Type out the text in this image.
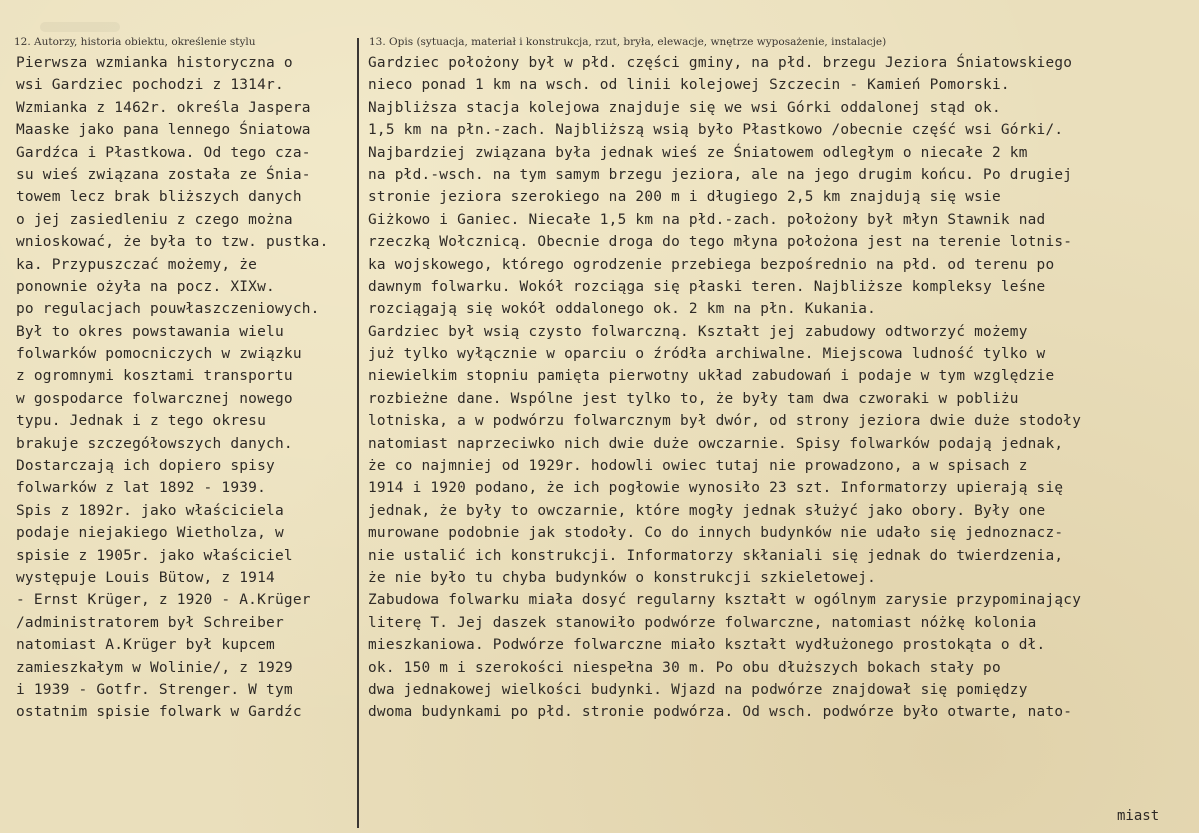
12. Autorzy, historia obiektu, określenie stylu	13. Opis (sytuacja, materiał i konstrukcja, rzut, bryła, elewacje, wnętrze wyposażenie, instalacje)
Pierwsza wzmianka historyczna o
wsi Gardziec pochodzi z 1314r.
Wzmianka z 1462r. określa Jaspera
Maaske jako pana lennego Śniatowa
Gardźca i Płastkowa. Od tego cza-
su wieś związana została ze Śnia-
towem lecz brak bliższych danych
o jej zasiedleniu z czego można
wnioskować, że była to tzw. pustka.
ka. Przypuszczać możemy, że
ponownie ożyła na pocz. XIXw.
po regulacjach pouwłaszczeniowych.
Był to okres powstawania wielu
folwarków pomocniczych w związku
z ogromnymi kosztami transportu
w gospodarce folwarcznej nowego
typu. Jednak i z tego okresu
brakuje szczegółowszych danych.
Dostarczają ich dopiero spisy
folwarków z lat 1892 - 1939.
Spis z 1892r. jako właściciela
podaje niejakiego Wietholza, w
spisie z 1905r. jako właściciel
występuje Louis Bütow, z 1914
- Ernst Krüger, z 1920 - A.Krüger
/administratorem był Schreiber
natomiast A.Krüger był kupcem
zamieszkałym w Wolinie/, z 1929
i 1939 - Gotfr. Strenger. W tym
ostatnim spisie folwark w Gardźc
Gardziec położony był w płd. części gminy, na płd. brzegu Jeziora Śniatowskiego
nieco ponad 1 km na wsch. od linii kolejowej Szczecin - Kamień Pomorski.
Najbliższa stacja kolejowa znajduje się we wsi Górki oddalonej stąd ok.
1,5 km na płn.-zach. Najbliższą wsią było Płastkowo /obecnie część wsi Górki/.
Najbardziej związana była jednak wieś ze Śniatowem odległym o niecałe 2 km
na płd.-wsch. na tym samym brzegu jeziora, ale na jego drugim końcu. Po drugiej
stronie jeziora szerokiego na 200 m i długiego 2,5 km znajdują się wsie
Giżkowo i Ganiec. Niecałe 1,5 km na płd.-zach. położony był młyn Stawnik nad
rzeczką Wołcznicą. Obecnie droga do tego młyna położona jest na terenie lotnis-
ka wojskowego, którego ogrodzenie przebiega bezpośrednio na płd. od terenu po
dawnym folwarku. Wokół rozciąga się płaski teren. Najbliższe kompleksy leśne
rozciągają się wokół oddalonego ok. 2 km na płn. Kukania.
Gardziec był wsią czysto folwarczną. Kształt jej zabudowy odtworzyć możemy
już tylko wyłącznie w oparciu o źródła archiwalne. Miejscowa ludność tylko w
niewielkim stopniu pamięta pierwotny układ zabudowań i podaje w tym względzie
rozbieżne dane. Wspólne jest tylko to, że były tam dwa czworaki w pobliżu
lotniska, a w podwórzu folwarcznym był dwór, od strony jeziora dwie duże stodoły
natomiast naprzeciwko nich dwie duże owczarnie. Spisy folwarków podają jednak,
że co najmniej od 1929r. hodowli owiec tutaj nie prowadzono, a w spisach z
1914 i 1920 podano, że ich pogłowie wynosiło 23 szt. Informatorzy upierają się
jednak, że były to owczarnie, które mogły jednak służyć jako obory. Były one
murowane podobnie jak stodoły. Co do innych budynków nie udało się jednoznacz-
nie ustalić ich konstrukcji. Informatorzy skłaniali się jednak do twierdzenia,
że nie było tu chyba budynków o konstrukcji szkieletowej.
Zabudowa folwarku miała dosyć regularny kształt w ogólnym zarysie przypominający
literę T. Jej daszek stanowiło podwórze folwarczne, natomiast nóżkę kolonia
mieszkaniowa. Podwórze folwarczne miało kształt wydłużonego prostokąta o dł.
ok. 150 m i szerokości niespełna 30 m. Po obu dłuższych bokach stały po
dwa jednakowej wielkości budynki. Wjazd na podwórze znajdował się pomiędzy
dwoma budynkami po płd. stronie podwórza. Od wsch. podwórze było otwarte, nato-
miast
